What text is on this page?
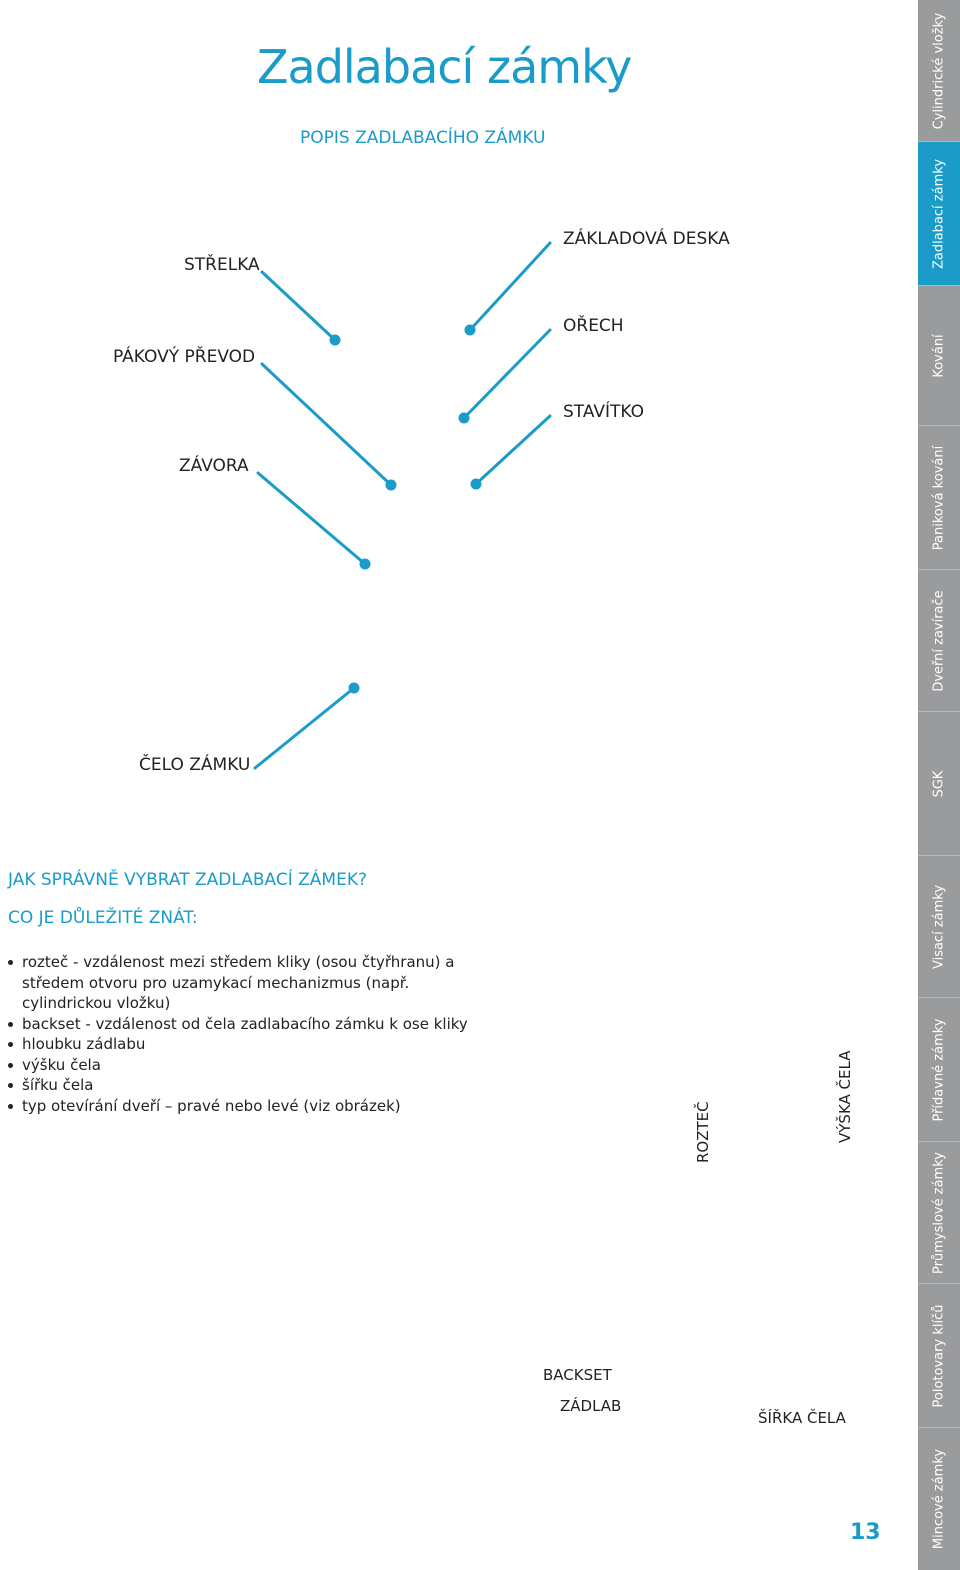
Zadlabací zámky
POPIS ZADLABACÍHO ZÁMKU
STŘELKA
PÁKOVÝ PŘEVOD
ZÁVORA
ČELO ZÁMKU
ZÁKLADOVÁ DESKA
OŘECH
STAVÍTKO
JAK SPRÁVNĚ VYBRAT ZADLABACÍ ZÁMEK?
CO JE DŮLEŽITÉ ZNÁT:
rozteč - vzdálenost mezi středem kliky (osou čtyřhranu) a středem otvoru pro uzamykací mechanizmus (např. cylindrickou vložku)
backset - vzdálenost od čela zadlabacího zámku k ose kliky
hloubku zádlabu
výšku čela
šířku čela
typ otevírání dveří – pravé nebo levé (viz obrázek)	ROZTEČ	VÝŠKA ČELA
BACKSET
ZÁDLAB
ŠÍŘKA ČELA
13
Cylindrické vložky
Zadlabací zámky
Kování
Paniková kování
Dveřní zavírače
SGK
Visací zámky
Přídavné zámky
Průmyslové zámky
Polotovary klíčů
Mincové zámky
